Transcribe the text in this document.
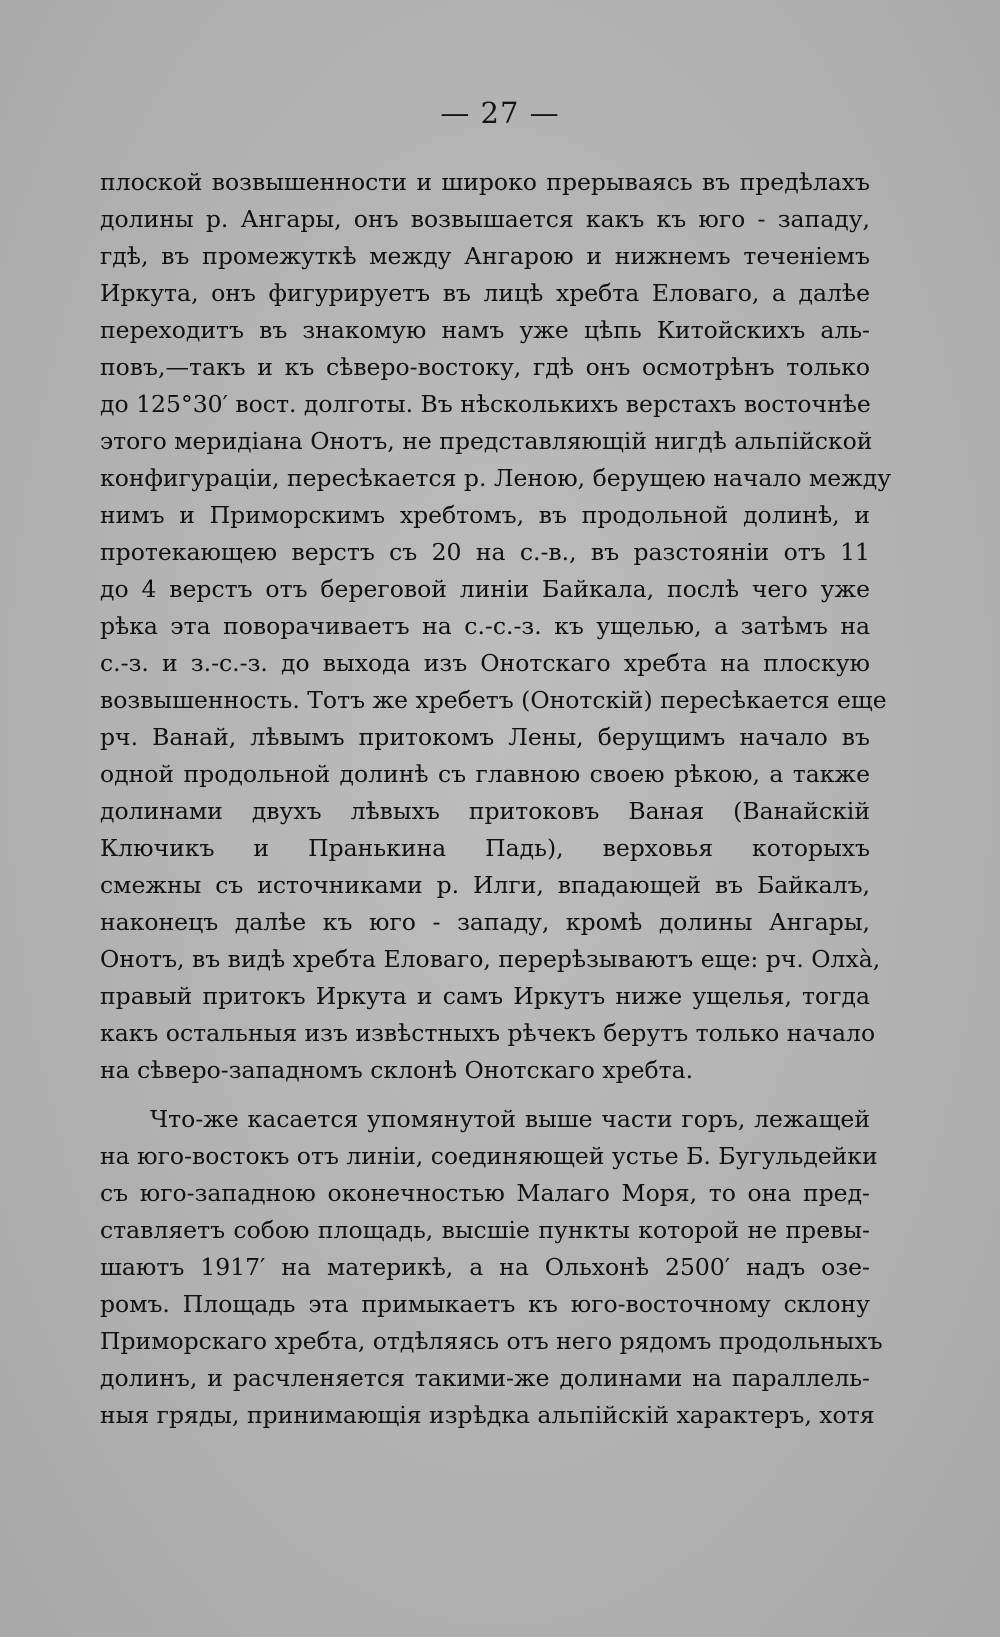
— 27 —
плоской возвышенности и широко прерываясь въ предѣлахъ
долины р. Ангары, онъ возвышается какъ къ юго - западу,
гдѣ, въ промежуткѣ между Ангарою и нижнемъ теченiемъ
Иркута, онъ фигурируетъ въ лицѣ хребта Еловаго, а далѣе
переходитъ въ знакомую намъ уже цѣпь Китойскихъ аль-
повъ,—такъ и къ сѣверо-востоку, гдѣ онъ осмотрѣнъ только
до 125°30′ вост. долготы. Въ нѣсколькихъ верстахъ восточнѣе
этого меридiана Онотъ, не представляющiй нигдѣ альпiйской
конфигурацiи, пересѣкается р. Леною, берущею начало между
нимъ и Приморскимъ хребтомъ, въ продольной долинѣ, и
протекающею верстъ съ 20 на с.-в., въ разстоянiи отъ 11
до 4 верстъ отъ береговой линiи Байкала, послѣ чего уже
рѣка эта поворачиваетъ на с.-с.-з. къ ущелью, а затѣмъ на
с.-з. и з.-с.-з. до выхода изъ Онотскаго хребта на плоскую
возвышенность. Тотъ же хребетъ (Онотскiй) пересѣкается еще
рч. Ванай, лѣвымъ притокомъ Лены, берущимъ начало въ
одной продольной долинѣ съ главною своею рѣкою, а также
долинами двухъ лѣвыхъ притоковъ Ваная (Ванайскiй
Ключикъ и Пранькина Падь), верховья которыхъ
смежны съ источниками р. Илги, впадающей въ Байкалъ,
наконецъ далѣе къ юго - западу, кромѣ долины Ангары,
Онотъ, въ видѣ хребта Еловаго, перерѣзываютъ еще: рч. Олхà,
правый притокъ Иркута и самъ Иркутъ ниже ущелья, тогда
какъ остальныя изъ извѣстныхъ рѣчекъ берутъ только начало
на сѣверо-западномъ склонѣ Онотскаго хребта.
Что-же касается упомянутой выше части горъ, лежащей
на юго-востокъ отъ линiи, соединяющей устье Б. Бугульдейки
съ юго-западною оконечностью Малаго Моря, то она пред-
ставляетъ собою площадь, высшiе пункты которой не превы-
шаютъ 1917′ на материкѣ, а на Ольхонѣ 2500′ надъ озе-
ромъ. Площадь эта примыкаетъ къ юго-восточному склону
Приморскаго хребта, отдѣляясь отъ него рядомъ продольныхъ
долинъ, и расчленяется такими-же долинами на параллель-
ныя гряды, принимающiя изрѣдка альпiйскiй характеръ, хотя
